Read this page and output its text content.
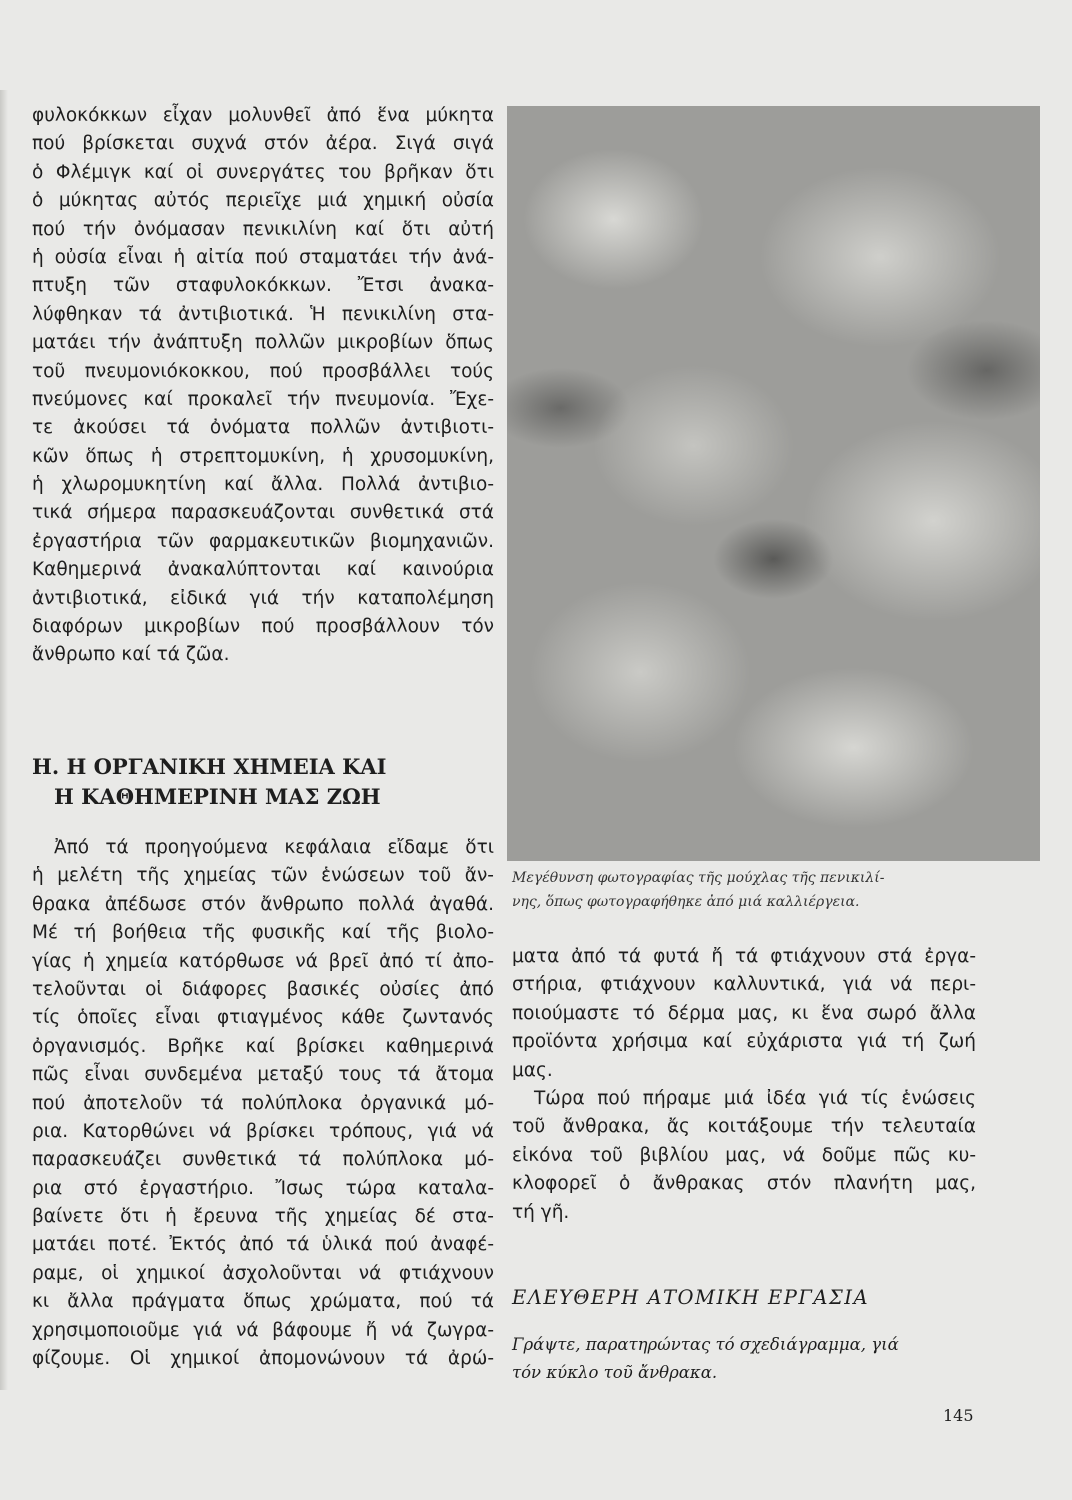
φυλοκόκκων εἶχαν μολυνθεῖ ἀπό ἕνα μύκητα
πού βρίσκεται συχνά στόν ἀέρα. Σιγά σιγά
ὁ Φλέμιγκ καί οἱ συνεργάτες του βρῆκαν ὅτι
ὁ μύκητας αὐτός περιεῖχε μιά χημική οὐσία
πού τήν ὀνόμασαν πενικιλίνη καί ὅτι αὐτή
ἡ οὐσία εἶναι ἡ αἰτία πού σταματάει τήν ἀνά-
πτυξη τῶν σταφυλοκόκκων. Ἔτσι ἀνακα-
λύφθηκαν τά ἀντιβιοτικά. Ἡ πενικιλίνη στα-
ματάει τήν ἀνάπτυξη πολλῶν μικροβίων ὅπως
τοῦ πνευμονιόκοκκου, πού προσβάλλει τούς
πνεύμονες καί προκαλεῖ τήν πνευμονία. Ἔχε-
τε ἀκούσει τά ὀνόματα πολλῶν ἀντιβιοτι-
κῶν ὅπως ἡ στρεπτομυκίνη, ἡ χρυσομυκίνη,
ἡ χλωρομυκητίνη καί ἄλλα. Πολλά ἀντιβιο-
τικά σήμερα παρασκευάζονται συνθετικά στά
ἐργαστήρια τῶν φαρμακευτικῶν βιομηχανιῶν.
Καθημερινά ἀνακαλύπτονται καί καινούρια
ἀντιβιοτικά, εἰδικά γιά τήν καταπολέμηση
διαφόρων μικροβίων πού προσβάλλουν τόν
ἄνθρωπο καί τά ζῶα.
Η. Η ΟΡΓΑΝΙΚΗ ΧΗΜΕΙΑ ΚΑΙ
Η ΚΑΘΗΜΕΡΙΝΗ ΜΑΣ ΖΩΗ
Ἀπό τά προηγούμενα κεφάλαια εἴδαμε ὅτι
ἡ μελέτη τῆς χημείας τῶν ἑνώσεων τοῦ ἄν-
θρακα ἀπέδωσε στόν ἄνθρωπο πολλά ἀγαθά.
Μέ τή βοήθεια τῆς φυσικῆς καί τῆς βιολο-
γίας ἡ χημεία κατόρθωσε νά βρεῖ ἀπό τί ἀπο-
τελοῦνται οἱ διάφορες βασικές οὐσίες ἀπό
τίς ὁποῖες εἶναι φτιαγμένος κάθε ζωντανός
ὀργανισμός. Βρῆκε καί βρίσκει καθημερινά
πῶς εἶναι συνδεμένα μεταξύ τους τά ἄτομα
πού ἀποτελοῦν τά πολύπλοκα ὀργανικά μό-
ρια. Κατορθώνει νά βρίσκει τρόπους, γιά νά
παρασκευάζει συνθετικά τά πολύπλοκα μό-
ρια στό ἐργαστήριο. Ἴσως τώρα καταλα-
βαίνετε ὅτι ἡ ἔρευνα τῆς χημείας δέ στα-
ματάει ποτέ. Ἐκτός ἀπό τά ὑλικά πού ἀναφέ-
ραμε, οἱ χημικοί ἀσχολοῦνται νά φτιάχνουν
κι ἄλλα πράγματα ὅπως χρώματα, πού τά
χρησιμοποιοῦμε γιά νά βάφουμε ἤ νά ζωγρα-
φίζουμε. Οἱ χημικοί ἀπομονώνουν τά ἀρώ-
Μεγέθυνση φωτογραφίας τῆς μούχλας τῆς πενικιλί-
νης, ὅπως φωτογραφήθηκε ἀπό μιά καλλιέργεια.
ματα ἀπό τά φυτά ἤ τά φτιάχνουν στά ἐργα-
στήρια, φτιάχνουν καλλυντικά, γιά νά περι-
ποιούμαστε τό δέρμα μας, κι ἕνα σωρό ἄλλα
προϊόντα χρήσιμα καί εὐχάριστα γιά τή ζωή
μας.
Τώρα πού πήραμε μιά ἰδέα γιά τίς ἑνώσεις
τοῦ ἄνθρακα, ἄς κοιτάξουμε τήν τελευταία
εἰκόνα τοῦ βιβλίου μας, νά δοῦμε πῶς κυ-
κλοφορεῖ ὁ ἄνθρακας στόν πλανήτη μας,
τή γῆ.
ΕΛΕΥΘΕΡΗ ΑΤΟΜΙΚΗ ΕΡΓΑΣΙΑ
Γράψτε, παρατηρώντας τό σχεδιάγραμμα, γιά
τόν κύκλο τοῦ ἄνθρακα.
145
